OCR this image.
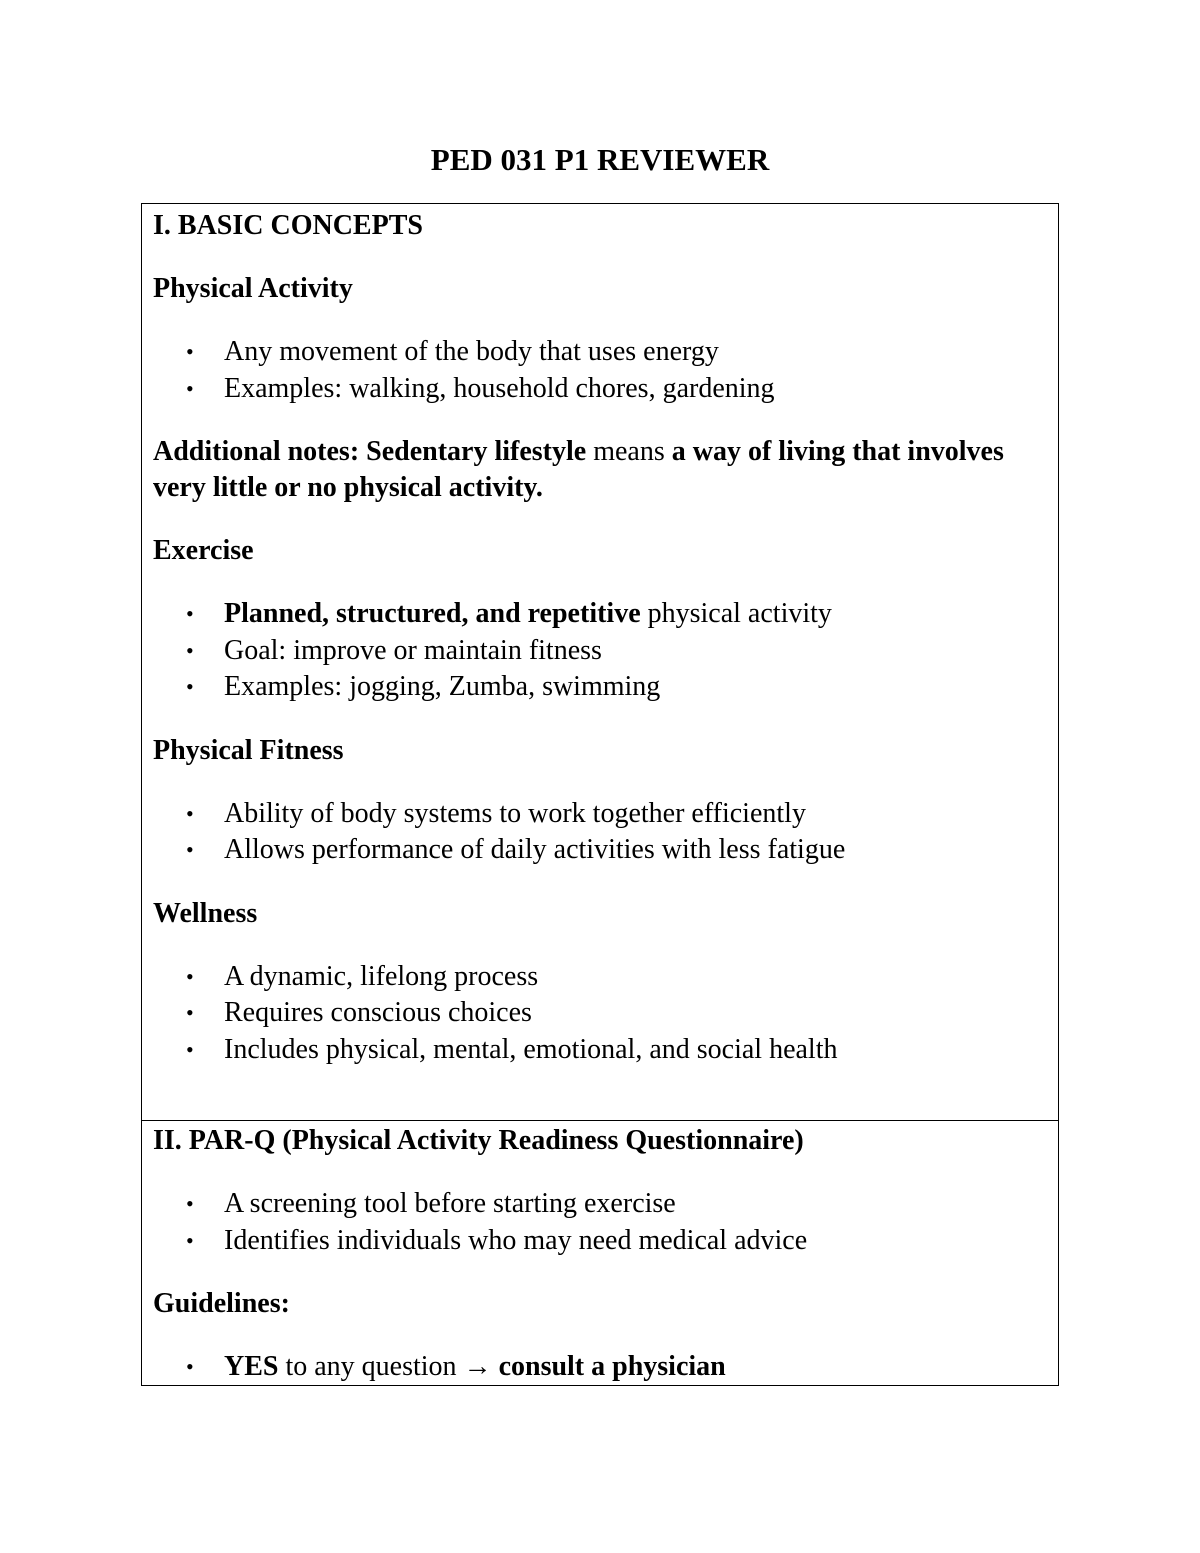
PED 031 P1 REVIEWER

I. BASIC CONCEPTS

Physical Activity

• Any movement of the body that uses energy
• Examples: walking, household chores, gardening

Additional notes: Sedentary lifestyle means a way of living that involves very little or no physical activity.

Exercise

• Planned, structured, and repetitive physical activity
• Goal: improve or maintain fitness
• Examples: jogging, Zumba, swimming

Physical Fitness

• Ability of body systems to work together efficiently
• Allows performance of daily activities with less fatigue

Wellness

• A dynamic, lifelong process
• Requires conscious choices
• Includes physical, mental, emotional, and social health

II. PAR-Q (Physical Activity Readiness Questionnaire)

• A screening tool before starting exercise
• Identifies individuals who may need medical advice

Guidelines:

• YES to any question → consult a physician
